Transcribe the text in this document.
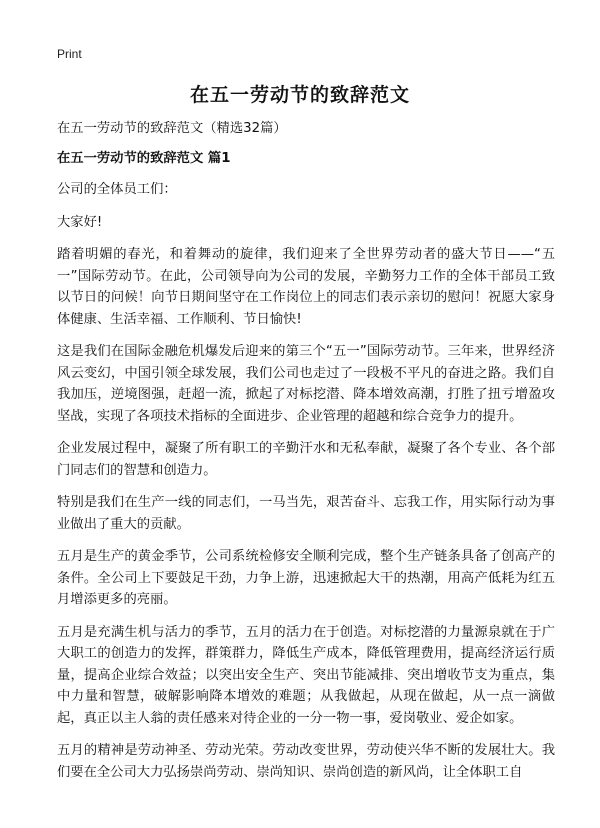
Print
在五一劳动节的致辞范文

在五一劳动节的致辞范文（精选32篇）

在五一劳动节的致辞范文 篇1

公司的全体员工们：

大家好!

踏着明媚的春光，和着舞动的旋律，我们迎来了全世界劳动者的盛大节日——“五一”国际劳动节。在此，公司领导向为公司的发展，辛勤努力工作的全体干部员工致以节日的问候！向节日期间坚守在工作岗位上的同志们表示亲切的慰问！祝愿大家身体健康、生活幸福、工作顺利、节日愉快!

这是我们在国际金融危机爆发后迎来的第三个“五一”国际劳动节。三年来，世界经济风云变幻，中国引领全球发展，我们公司也走过了一段极不平凡的奋进之路。我们自我加压，逆境图强，赶超一流，掀起了对标挖潜、降本增效高潮，打胜了扭亏增盈攻坚战，实现了各项技术指标的全面进步、企业管理的超越和综合竞争力的提升。

企业发展过程中，凝聚了所有职工的辛勤汗水和无私奉献，凝聚了各个专业、各个部门同志们的智慧和创造力。

特别是我们在生产一线的同志们，一马当先，艰苦奋斗、忘我工作，用实际行动为事业做出了重大的贡献。

五月是生产的黄金季节，公司系统检修安全顺利完成，整个生产链条具备了创高产的条件。全公司上下要鼓足干劲，力争上游，迅速掀起大干的热潮，用高产低耗为红五月增添更多的亮丽。

五月是充满生机与活力的季节，五月的活力在于创造。对标挖潜的力量源泉就在于广大职工的创造力的发挥，群策群力，降低生产成本，降低管理费用，提高经济运行质量，提高企业综合效益；以突出安全生产、突出节能减排、突出增收节支为重点，集中力量和智慧，破解影响降本增效的难题；从我做起，从现在做起，从一点一滴做起，真正以主人翁的责任感来对待企业的一分一物一事，爱岗敬业、爱企如家。

五月的精神是劳动神圣、劳动光荣。劳动改变世界，劳动使兴华不断的发展壮大。我们要在全公司大力弘扬崇尚劳动、崇尚知识、崇尚创造的新风尚，让全体职工自
